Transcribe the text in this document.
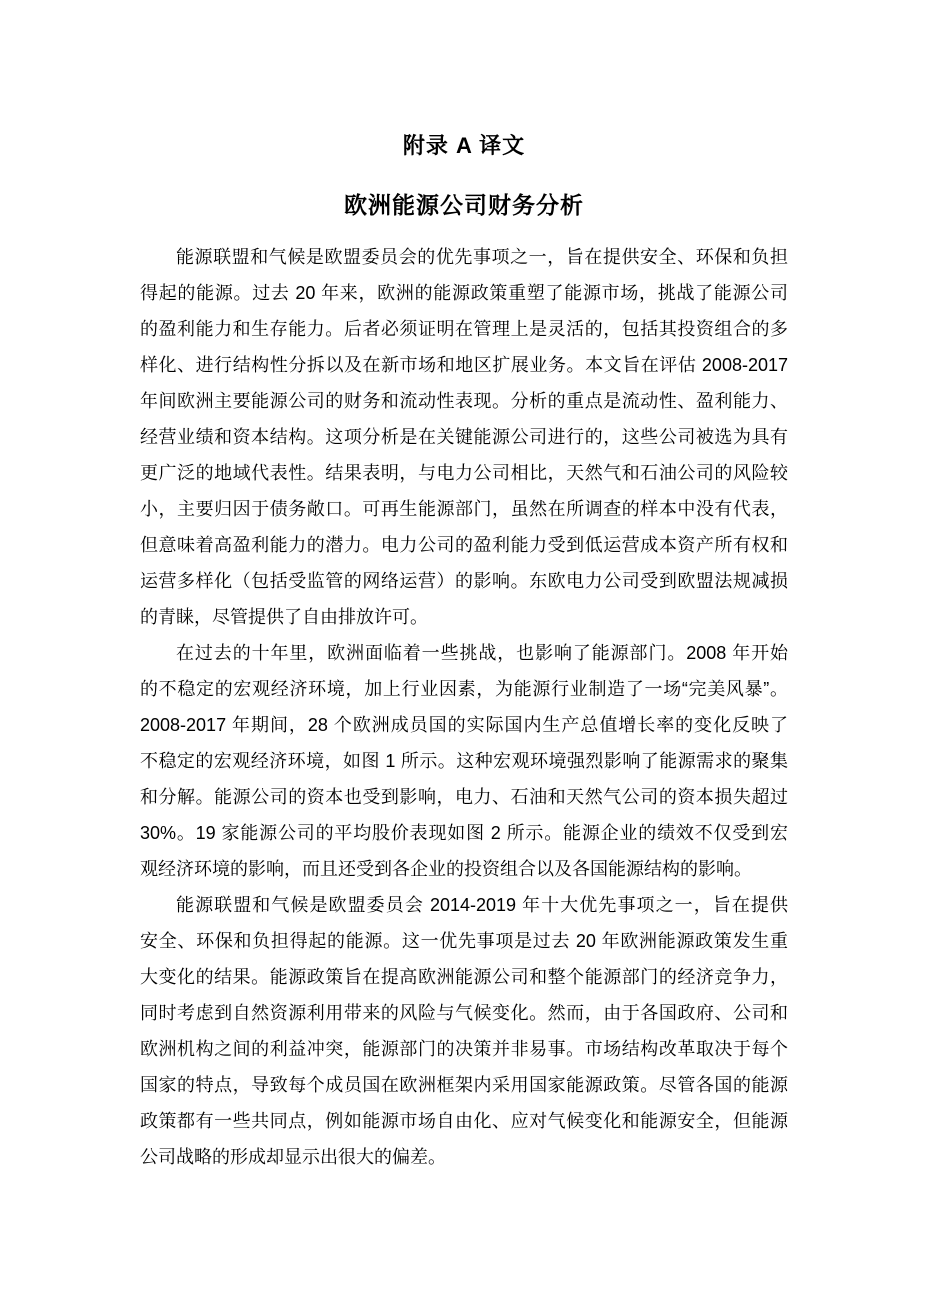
附录 A 译文
欧洲能源公司财务分析

能源联盟和气候是欧盟委员会的优先事项之一，旨在提供安全、环保和负担
得起的能源。过去 20 年来，欧洲的能源政策重塑了能源市场，挑战了能源公司
的盈利能力和生存能力。后者必须证明在管理上是灵活的，包括其投资组合的多
样化、进行结构性分拆以及在新市场和地区扩展业务。本文旨在评估 2008-2017
年间欧洲主要能源公司的财务和流动性表现。分析的重点是流动性、盈利能力、
经营业绩和资本结构。这项分析是在关键能源公司进行的，这些公司被选为具有
更广泛的地域代表性。结果表明，与电力公司相比，天然气和石油公司的风险较
小，主要归因于债务敞口。可再生能源部门，虽然在所调查的样本中没有代表，
但意味着高盈利能力的潜力。电力公司的盈利能力受到低运营成本资产所有权和
运营多样化（包括受监管的网络运营）的影响。东欧电力公司受到欧盟法规减损
的青睐，尽管提供了自由排放许可。

在过去的十年里，欧洲面临着一些挑战，也影响了能源部门。2008 年开始
的不稳定的宏观经济环境，加上行业因素，为能源行业制造了一场“完美风暴”。
2008-2017 年期间，28 个欧洲成员国的实际国内生产总值增长率的变化反映了
不稳定的宏观经济环境，如图 1 所示。这种宏观环境强烈影响了能源需求的聚集
和分解。能源公司的资本也受到影响，电力、石油和天然气公司的资本损失超过
30%。19 家能源公司的平均股价表现如图 2 所示。能源企业的绩效不仅受到宏
观经济环境的影响，而且还受到各企业的投资组合以及各国能源结构的影响。

能源联盟和气候是欧盟委员会 2014-2019 年十大优先事项之一，旨在提供
安全、环保和负担得起的能源。这一优先事项是过去 20 年欧洲能源政策发生重
大变化的结果。能源政策旨在提高欧洲能源公司和整个能源部门的经济竞争力，
同时考虑到自然资源利用带来的风险与气候变化。然而，由于各国政府、公司和
欧洲机构之间的利益冲突，能源部门的决策并非易事。市场结构改革取决于每个
国家的特点，导致每个成员国在欧洲框架内采用国家能源政策。尽管各国的能源
政策都有一些共同点，例如能源市场自由化、应对气候变化和能源安全，但能源
公司战略的形成却显示出很大的偏差。
